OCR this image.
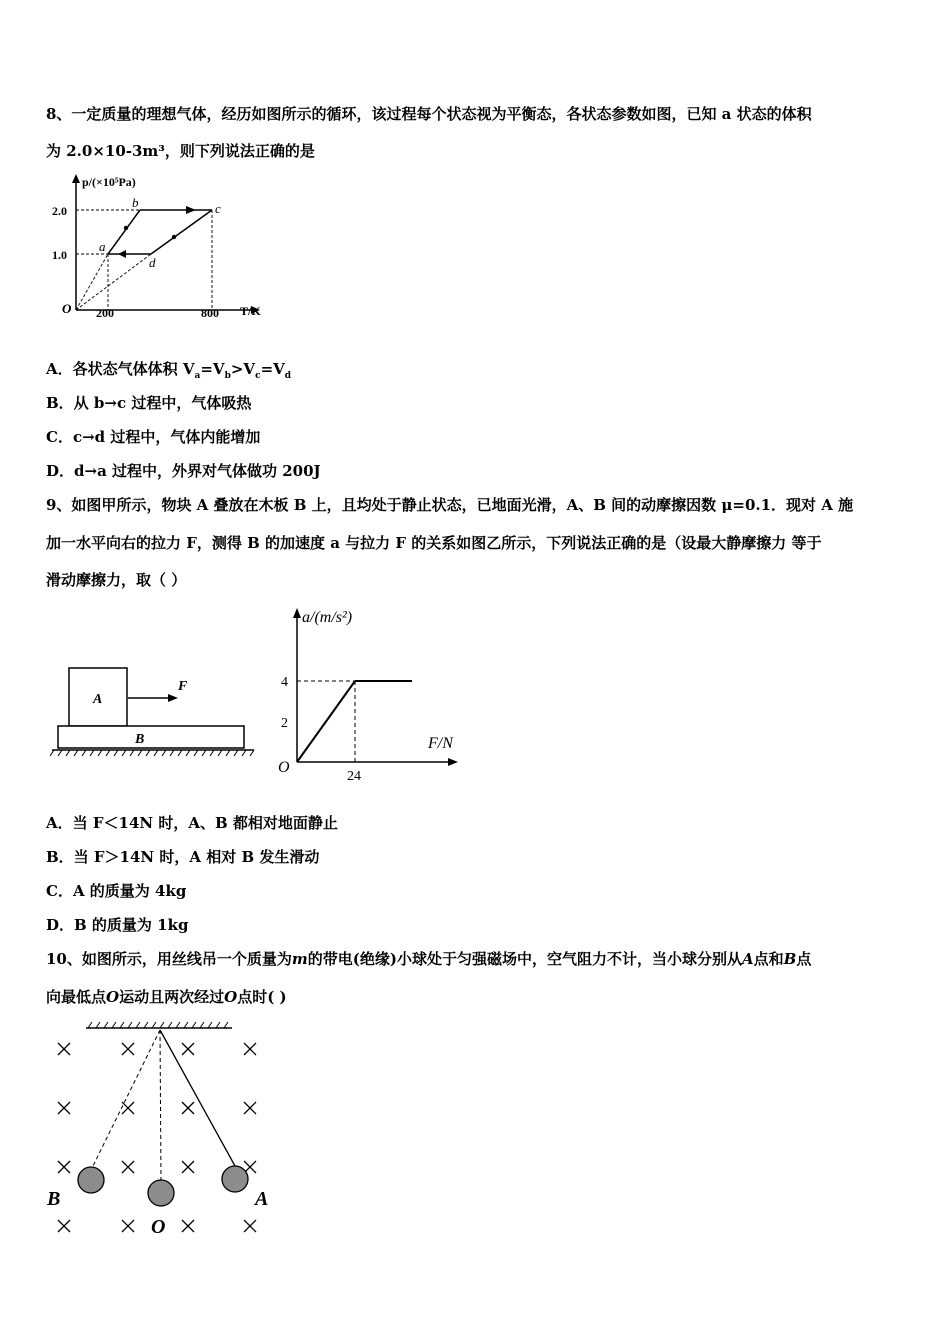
8、一定质量的理想气体，经历如图所示的循环，该过程每个状态视为平衡态，各状态参数如图，已知 a 状态的体积
为 2.0×10-3m³，则下列说法正确的是
p/(×10⁵Pa)
T/K
2.0
1.0
200	800
O
a
b	c
d
A．各状态气体体积 $V_a=V_b>V_c=V_d$
B．从 b→c 过程中，气体吸热
C．c→d 过程中，气体内能增加
D．d→a 过程中，外界对气体做功 200J
9、如图甲所示，物块 A 叠放在木板 B 上，且均处于静止状态，已地面光滑，A、B 间的动摩擦因数 μ=0.1．现对 A 施
加一水平向右的拉力 F，测得 B 的加速度 a 与拉力 F 的关系如图乙所示，下列说法正确的是（设最大静摩擦力 等于
滑动摩擦力，取（ ）
A
B
F
a/(m/s²)
F/N
4
2
24
O
A．当 F＜14N 时，A、B 都相对地面静止
B．当 F＞14N 时，A 相对 B 发生滑动
C．A 的质量为 4kg
D．B 的质量为 1kg
10、如图所示，用丝线吊一个质量为m的带电(绝缘)小球处于匀强磁场中，空气阻力不计，当小球分别从A点和B点
向最低点O运动且两次经过O点时( )
B
O
A
